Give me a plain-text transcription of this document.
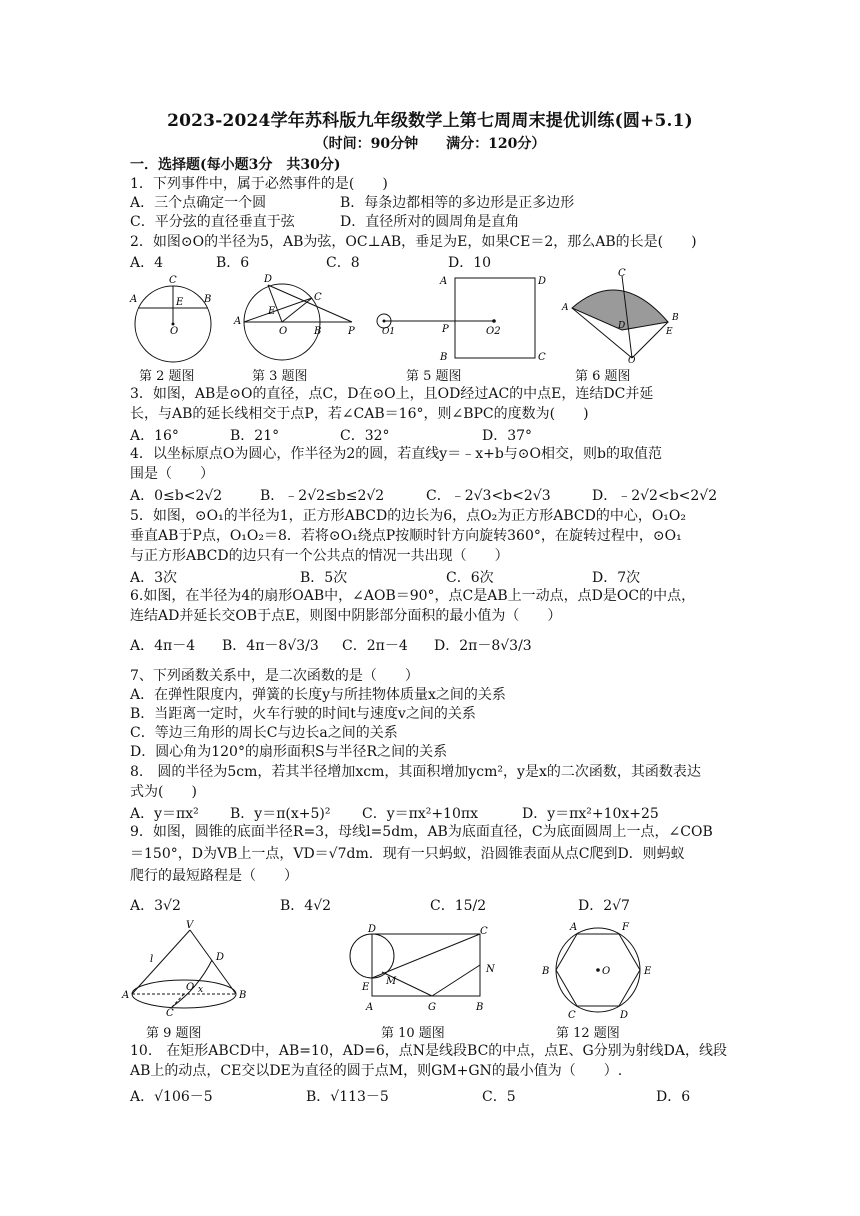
2023-2024学年苏科版九年级数学上第七周周末提优训练(圆+5.1)
（时间：90分钟　　满分：120分）
一．选择题(每小题3分　共30分)
1．下列事件中，属于必然事件的是(　　)
A．三个点确定一个圆	B．每条边都相等的多边形是正多边形
C．平分弦的直径垂直于弦	D．直径所对的圆周角是直角
2．如图⊙O的半径为5，AB为弦，OC⊥AB，垂足为E，如果CE＝2，那么AB的长是(　　)
A．4	B．6	C．8	D．10
C
E B
A
O
第 2 题图
A
E
O	B	P
C
D
第 3 题图
A	D
O1	P	O2
B	C
第 5 题图
C
A
D
E
O
B
第 6 题图
3．如图，AB是⊙O的直径，点C，D在⊙O上，且OD经过AC的中点E，连结DC并延
长，与AB的延长线相交于点P，若∠CAB＝16°，则∠BPC的度数为(　　)
A．16°	B．21°	C．32°	D．37°
4．以坐标原点O为圆心，作半径为2的圆，若直线y＝﹣x+b与⊙O相交，则b的取值范
围是（　　）
A．0≤b<2√2	B．﹣2√2≤b≤2√2	C．﹣2√3<b<2√3	D．﹣2√2<b<2√2
5．如图，⊙O₁的半径为1，正方形ABCD的边长为6，点O₂为正方形ABCD的中心，O₁O₂
垂直AB于P点，O₁O₂＝8．若将⊙O₁绕点P按顺时针方向旋转360°，在旋转过程中，⊙O₁
与正方形ABCD的边只有一个公共点的情况一共出现（　　）
A．3次	B．5次	C．6次	D．7次
6.如图，在半径为4的扇形OAB中，∠AOB＝90°，点C是AB上一动点，点D是OC的中点，
连结AD并延长交OB于点E，则图中阴影部分面积的最小值为（　　）
A．4π－4 B．4π－8√3/3 C．2π－4 D．2π－8√3/3
7、下列函数关系中，是二次函数的是（　　）
A．在弹性限度内，弹簧的长度y与所挂物体质量x之间的关系
B．当距离一定时，火车行驶的时间t与速度v之间的关系
C．等边三角形的周长C与边长a之间的关系
D．圆心角为120°的扇形面积S与半径R之间的关系
8.　圆的半径为5cm，若其半径增加xcm，其面积增加ycm²，y是x的二次函数，其函数表达
式为(　　)
A．y＝πx² B．y＝π(x+5)² C．y＝πx²+10πx	D．y＝πx²+10x+25
9．如图，圆锥的底面半径R=3，母线l=5dm，AB为底面直径，C为底面圆周上一点，∠COB
＝150°，D为VB上一点，VD＝√7dm．现有一只蚂蚁，沿圆锥表面从点C爬到D．则蚂蚁
爬行的最短路程是（　　）
A．3√2	B．4√2	C．15/2	D．2√7
V
l	D
A
O x	B
C
第 9 题图
D	C
N
M
E
A	G	B
第 10 题图
A	F
B	O	E
C	D
第 12 题图
10.　在矩形ABCD中，AB=10，AD=6，点N是线段BC的中点，点E、G分别为射线DA，线段
AB上的动点，CE交以DE为直径的圆于点M，则GM+GN的最小值为（　　）.
A．√106－5	B．√113－5	C．5	D．6
